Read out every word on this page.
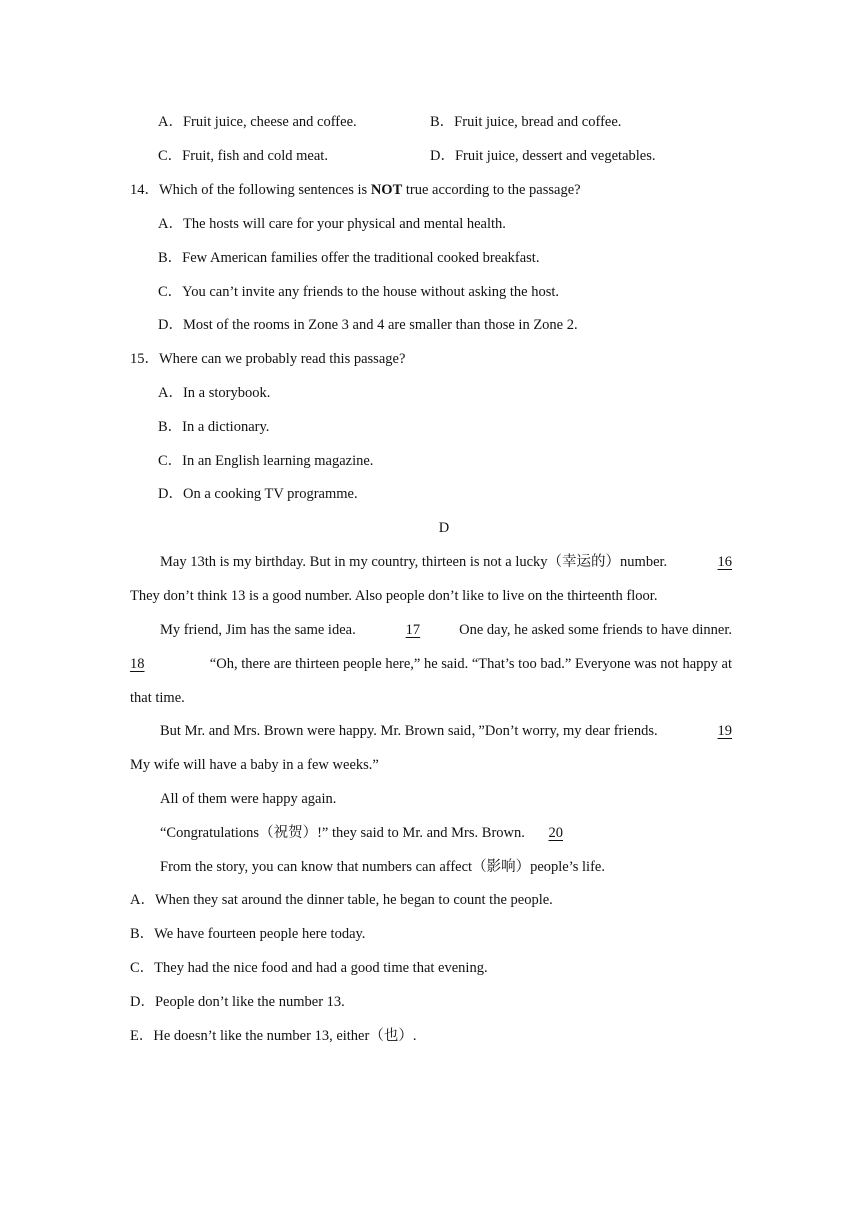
A．Fruit juice, cheese and coffee.	B．Fruit juice, bread and coffee.
C．Fruit, fish and cold meat.	D．Fruit juice, dessert and vegetables.
14．Which of the following sentences is NOT true according to the passage?
A．The hosts will care for your physical and mental health.
B．Few American families offer the traditional cooked breakfast.
C．You can’t invite any friends to the house without asking the host.
D．Most of the rooms in Zone 3 and 4 are smaller than those in Zone 2.
15．Where can we probably read this passage?
A．In a storybook.
B．In a dictionary.
C．In an English learning magazine.
D．On a cooking TV programme.
D
May 13th is my birthday. But in my country, thirteen is not a lucky（幸运的）number.	16
They don’t think 13 is a good number. Also people don’t like to live on the thirteenth floor.
My friend, Jim has the same idea.	17	One day, he asked some friends to have dinner.
18	“Oh, there are thirteen people here,” he said. “That’s too bad.” Everyone was not happy at
that time.
But Mr. and Mrs. Brown were happy. Mr. Brown said，”Don’t worry, my dear friends.	19
My wife will have a baby in a few weeks.”
All of them were happy again.
“Congratulations（祝贺）!” they said to Mr. and Mrs. Brown. 20
From the story, you can know that numbers can affect（影响）people’s life.
A．When they sat around the dinner table, he began to count the people.
B．We have fourteen people here today.
C．They had the nice food and had a good time that evening.
D．People don’t like the number 13.
E．He doesn’t like the number 13, either（也）.
